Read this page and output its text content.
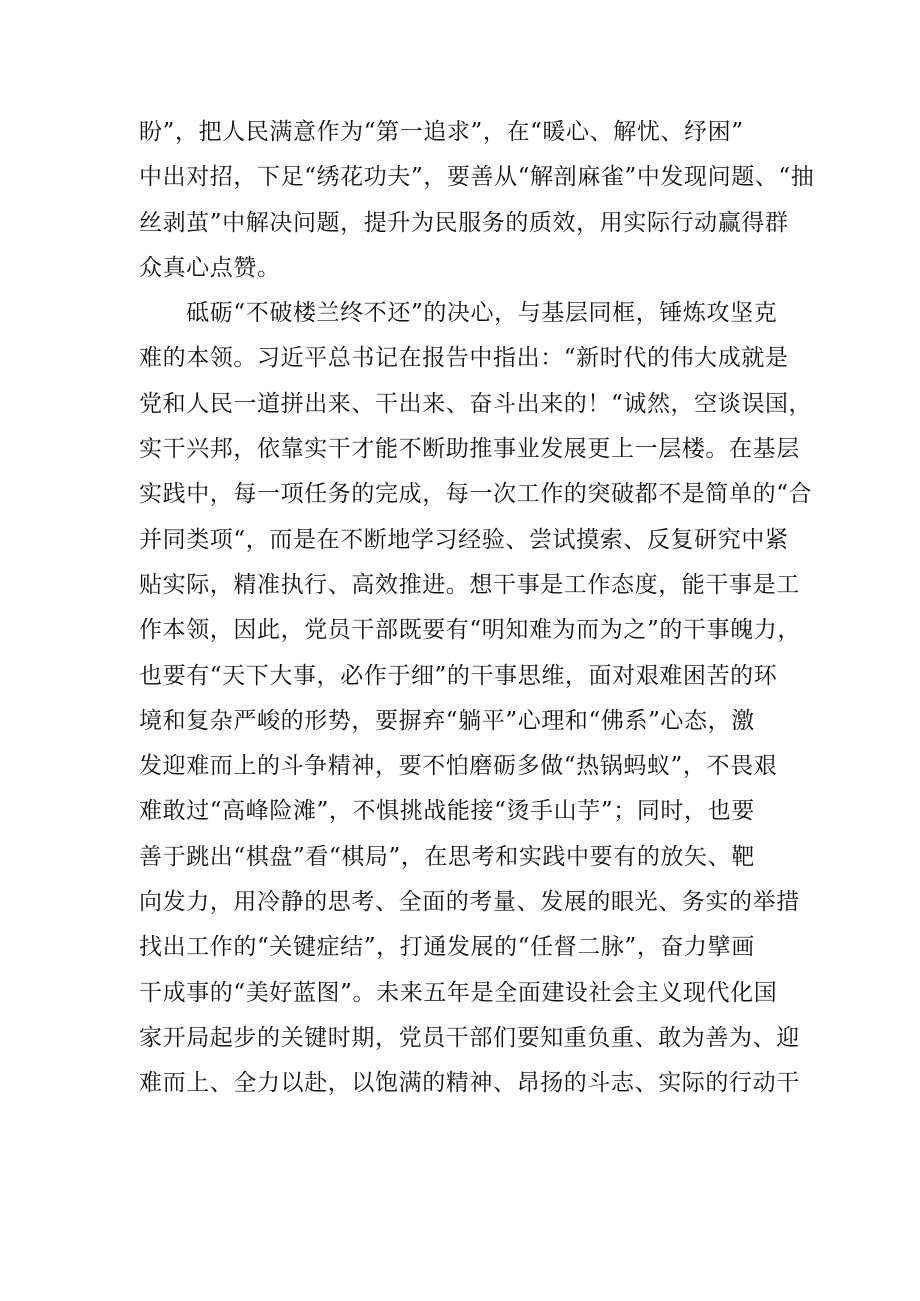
盼”，把人民满意作为“第一追求”，在“暖心、解忧、纾困”
中出对招，下足“绣花功夫”，要善从“解剖麻雀”中发现问题、“抽
丝剥茧”中解决问题，提升为民服务的质效，用实际行动赢得群
众真心点赞。
　　砥砺“不破楼兰终不还”的决心，与基层同框，锤炼攻坚克
难的本领。习近平总书记在报告中指出：“新时代的伟大成就是
党和人民一道拼出来、干出来、奋斗出来的！“诚然，空谈误国，
实干兴邦，依靠实干才能不断助推事业发展更上一层楼。在基层
实践中，每一项任务的完成，每一次工作的突破都不是简单的“合
并同类项“，而是在不断地学习经验、尝试摸索、反复研究中紧
贴实际，精准执行、高效推进。想干事是工作态度，能干事是工
作本领，因此，党员干部既要有“明知难为而为之”的干事魄力，
也要有“天下大事，必作于细”的干事思维，面对艰难困苦的环
境和复杂严峻的形势，要摒弃“躺平”心理和“佛系”心态，激
发迎难而上的斗争精神，要不怕磨砺多做“热锅蚂蚁”，不畏艰
难敢过“高峰险滩”，不惧挑战能接“烫手山芋”；同时，也要
善于跳出“棋盘”看“棋局”，在思考和实践中要有的放矢、靶
向发力，用冷静的思考、全面的考量、发展的眼光、务实的举措
找出工作的“关键症结”，打通发展的“任督二脉”，奋力擘画
干成事的“美好蓝图”。未来五年是全面建设社会主义现代化国
家开局起步的关键时期，党员干部们要知重负重、敢为善为、迎
难而上、全力以赴，以饱满的精神、昂扬的斗志、实际的行动干
